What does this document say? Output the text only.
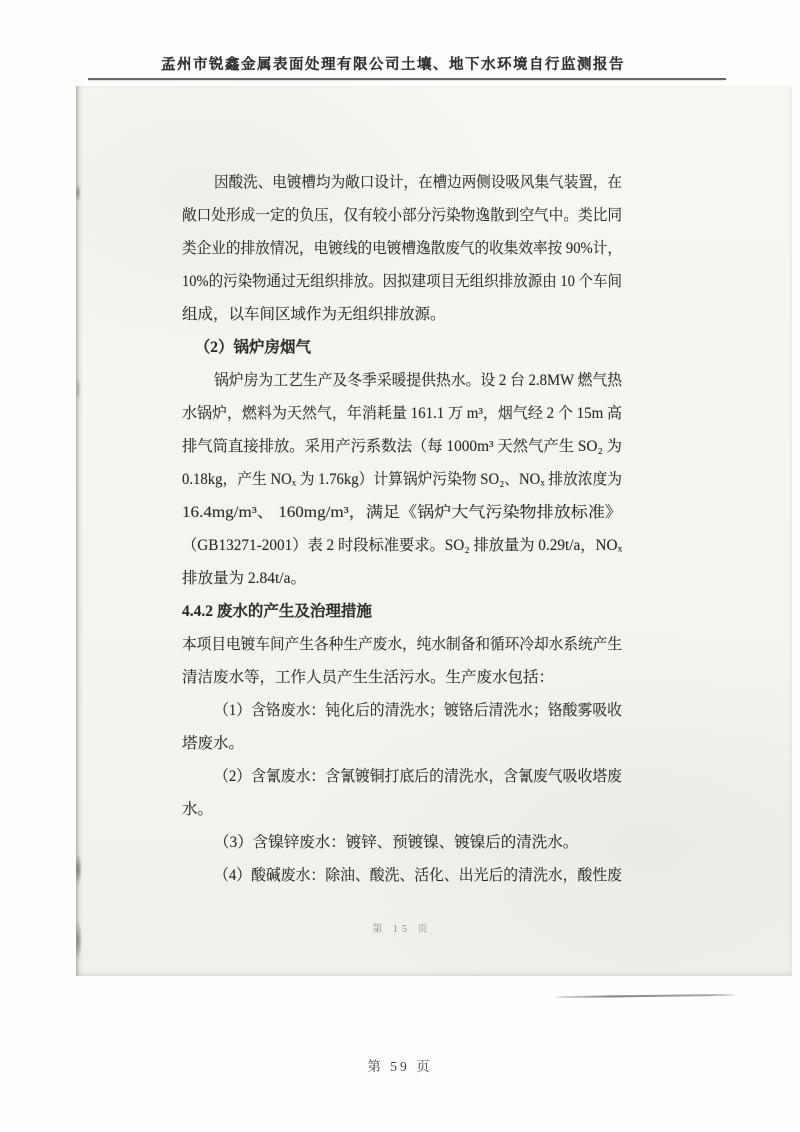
孟州市锐鑫金属表面处理有限公司土壤、地下水环境自行监测报告
因酸洗、电镀槽均为敞口设计，在槽边两侧设吸风集气装置，在
敞口处形成一定的负压，仅有较小部分污染物逸散到空气中。类比同
类企业的排放情况，电镀线的电镀槽逸散废气的收集效率按 90%计，
10%的污染物通过无组织排放。因拟建项目无组织排放源由 10 个车间
组成，以车间区域作为无组织排放源。
（2）锅炉房烟气
锅炉房为工艺生产及冬季采暖提供热水。设 2 台 2.8MW 燃气热
水锅炉，燃料为天然气，年消耗量 161.1 万 m³，烟气经 2 个 15m 高
排气筒直接排放。采用产污系数法（每 1000m³ 天然气产生 SO₂ 为
0.18kg，产生 NOₓ 为 1.76kg）计算锅炉污染物 SO₂、NOₓ 排放浓度为
16.4mg/m³、 160mg/m³，满足《锅炉大气污染物排放标准》
（GB13271-2001）表 2 时段标准要求。SO₂ 排放量为 0.29t/a，NOₓ
排放量为 2.84t/a。
4.4.2 废水的产生及治理措施
本项目电镀车间产生各种生产废水，纯水制备和循环冷却水系统产生
清洁废水等，工作人员产生生活污水。生产废水包括：
（1）含铬废水：钝化后的清洗水；镀铬后清洗水；铬酸雾吸收
塔废水。
（2）含氰废水：含氰镀铜打底后的清洗水，含氰废气吸收塔废
水。
（3）含镍锌废水：镀锌、预镀镍、镀镍后的清洗水。
（4）酸碱废水：除油、酸洗、活化、出光后的清洗水，酸性废
第 15 页
第 59 页
